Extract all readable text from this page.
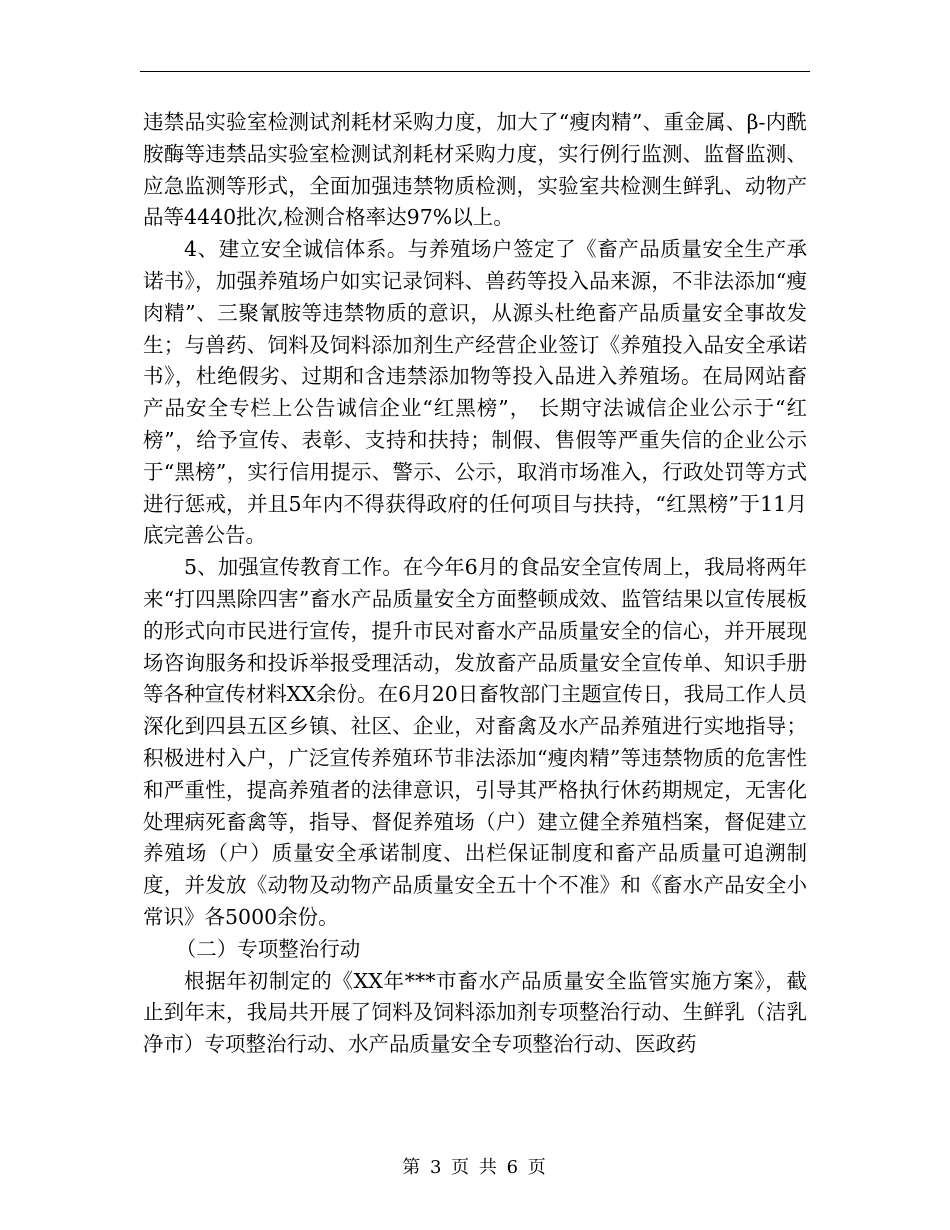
违禁品实验室检测试剂耗材采购力度，加大了“瘦肉精”、重金属、β-内酰胺酶等违禁品实验室检测试剂耗材采购力度，实行例行监测、监督监测、应急监测等形式，全面加强违禁物质检测，实验室共检测生鲜乳、动物产品等4440批次,检测合格率达97%以上。

4、建立安全诚信体系。与养殖场户签定了《畜产品质量安全生产承诺书》，加强养殖场户如实记录饲料、兽药等投入品来源，不非法添加“瘦肉精”、三聚氰胺等违禁物质的意识，从源头杜绝畜产品质量安全事故发生；与兽药、饲料及饲料添加剂生产经营企业签订《养殖投入品安全承诺书》，杜绝假劣、过期和含违禁添加物等投入品进入养殖场。在局网站畜产品安全专栏上公告诚信企业“红黑榜”， 长期守法诚信企业公示于“红榜”，给予宣传、表彰、支持和扶持；制假、售假等严重失信的企业公示于“黑榜”，实行信用提示、警示、公示，取消市场准入，行政处罚等方式进行惩戒，并且5年内不得获得政府的任何项目与扶持，“红黑榜”于11月底完善公告。

5、加强宣传教育工作。在今年6月的食品安全宣传周上，我局将两年来“打四黑除四害”畜水产品质量安全方面整顿成效、监管结果以宣传展板的形式向市民进行宣传，提升市民对畜水产品质量安全的信心，并开展现场咨询服务和投诉举报受理活动，发放畜产品质量安全宣传单、知识手册等各种宣传材料XX余份。在6月20日畜牧部门主题宣传日，我局工作人员深化到四县五区乡镇、社区、企业，对畜禽及水产品养殖进行实地指导；积极进村入户，广泛宣传养殖环节非法添加“瘦肉精”等违禁物质的危害性和严重性，提高养殖者的法律意识，引导其严格执行休药期规定，无害化处理病死畜禽等，指导、督促养殖场（户）建立健全养殖档案，督促建立养殖场（户）质量安全承诺制度、出栏保证制度和畜产品质量可追溯制度，并发放《动物及动物产品质量安全五十个不准》和《畜水产品安全小常识》各5000余份。

（二）专项整治行动

根据年初制定的《XX年***市畜水产品质量安全监管实施方案》，截止到年末，我局共开展了饲料及饲料添加剂专项整治行动、生鲜乳（洁乳净市）专项整治行动、水产品质量安全专项整治行动、医政药

第 3 页 共 6 页
